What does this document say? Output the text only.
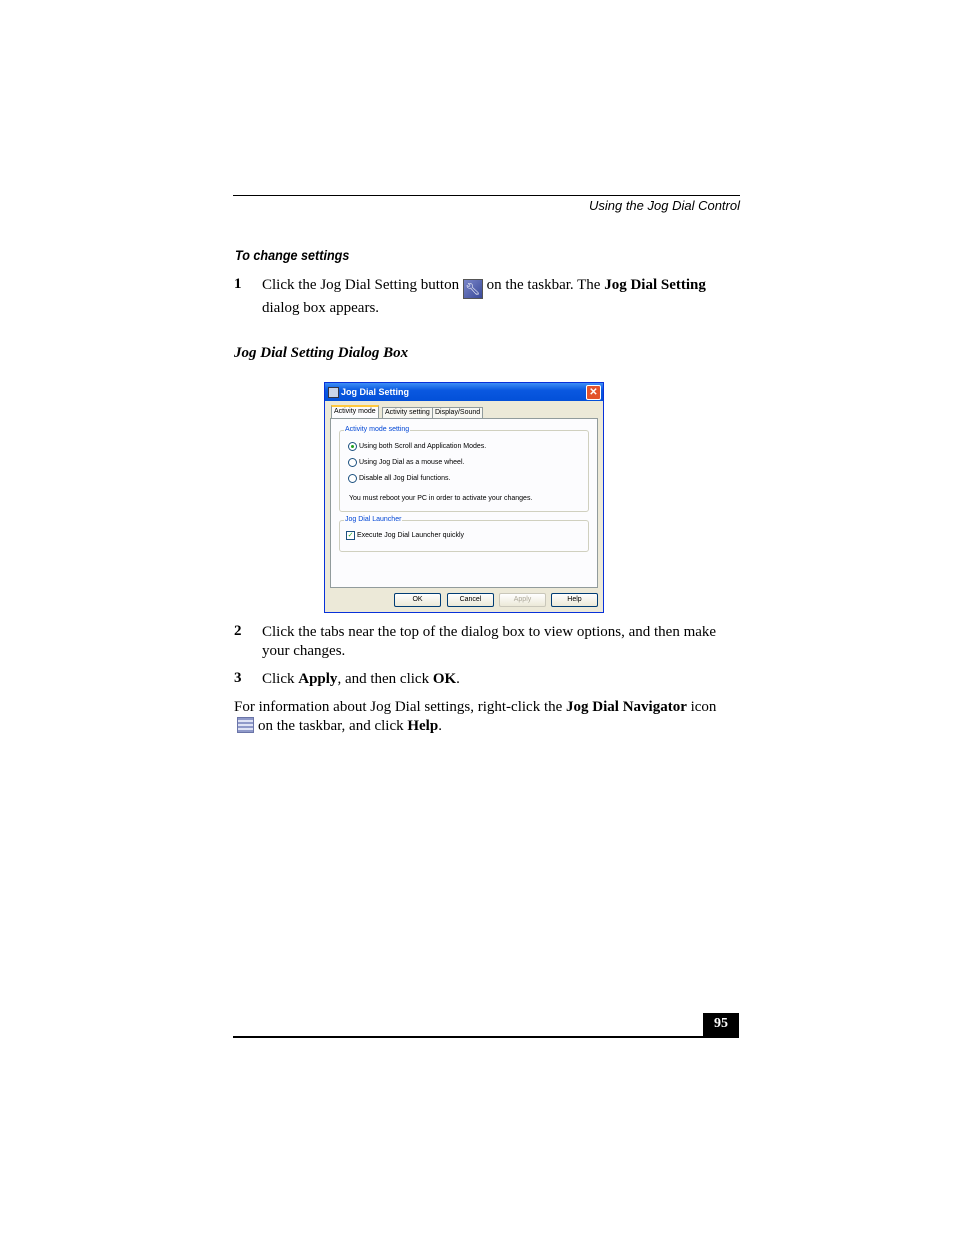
Using the Jog Dial Control
To change settings
1 Click the Jog Dial Setting button 🔧︎ on the taskbar. The Jog Dial Setting
dialog box appears.
Jog Dial Setting Dialog Box
Jog Dial Setting	✕
Activity mode	Activity setting Display/Sound
Activity mode setting
Using both Scroll and Application Modes.
Using Jog Dial as a mouse wheel.
Disable all Jog Dial functions.
You must reboot your PC in order to activate your changes.
Jog Dial Launcher
✓ Execute Jog Dial Launcher quickly
OK	Cancel	Apply	Help
2 Click the tabs near the top of the dialog box to view options, and then make
your changes.
3 Click Apply, and then click OK.
For information about Jog Dial settings, right-click the Jog Dial Navigator icon
on the taskbar, and click Help.
95
